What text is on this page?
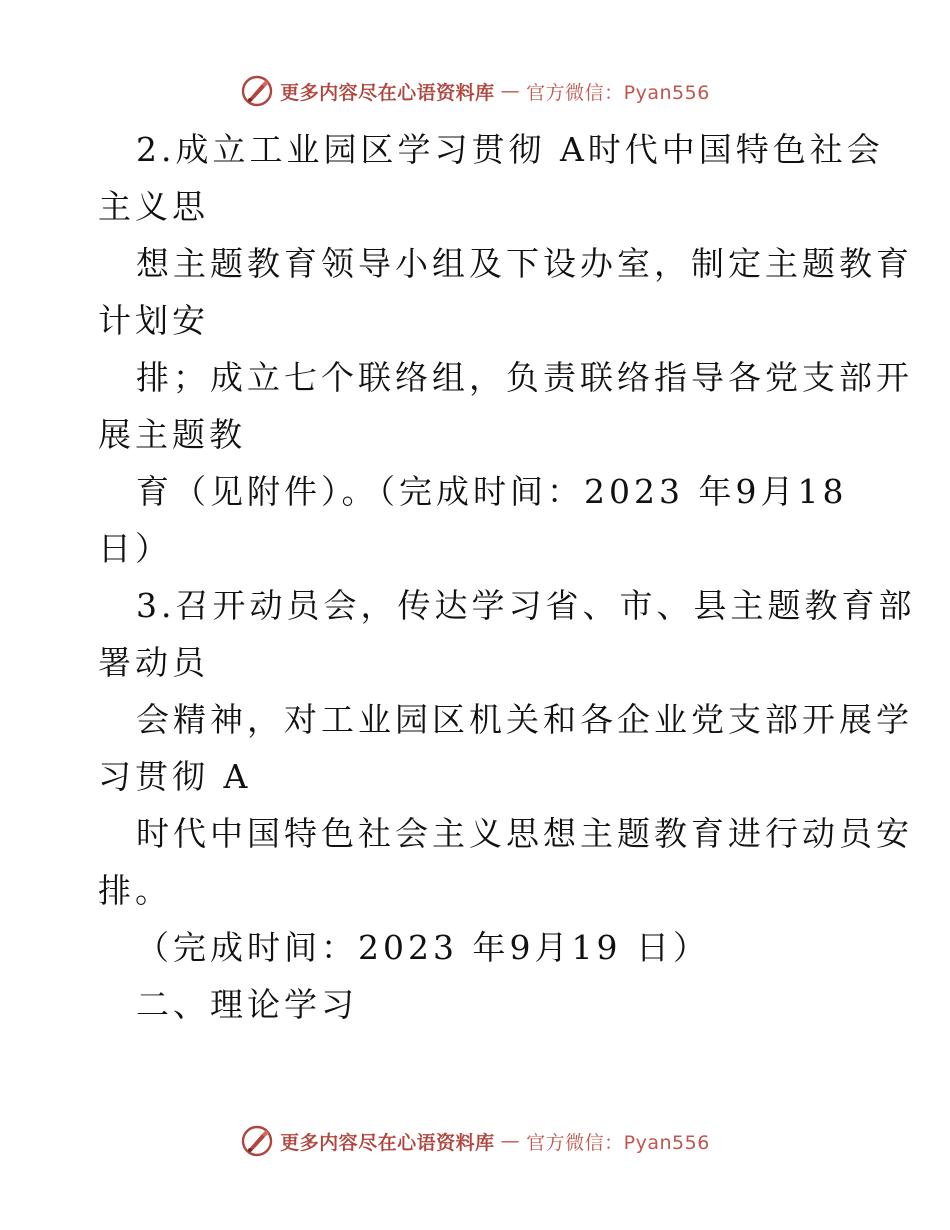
更多内容尽在心语资料库 — 官方微信：Pyan556
2.成立工业园区学习贯彻 A时代中国特色社会
主义思
想主题教育领导小组及下设办室，制定主题教育
计划安
排；成立七个联络组，负责联络指导各党支部开
展主题教
育（见附件）。（完成时间：2023 年9月18
日）
3.召开动员会，传达学习省、市、县主题教育部
署动员
会精神，对工业园区机关和各企业党支部开展学
习贯彻 A
时代中国特色社会主义思想主题教育进行动员安
排。
（完成时间：2023 年9月19 日）
二、理论学习
更多内容尽在心语资料库 — 官方微信：Pyan556
